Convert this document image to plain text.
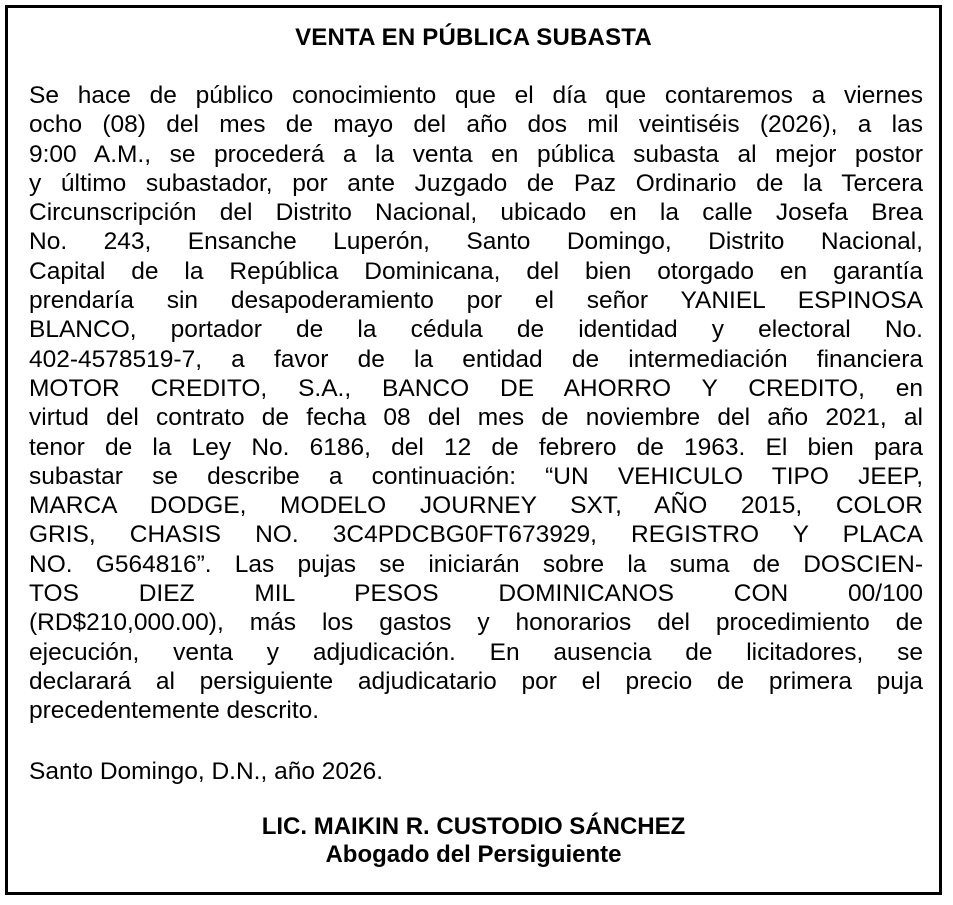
VENTA EN PÚBLICA SUBASTA

Se hace de público conocimiento que el día que contaremos a viernes
ocho (08) del mes de mayo del año dos mil veintiséis (2026), a las
9:00 A.M., se procederá a la venta en pública subasta al mejor postor
y último subastador, por ante Juzgado de Paz Ordinario de la Tercera
Circunscripción del Distrito Nacional, ubicado en la calle Josefa Brea
No. 243, Ensanche Luperón, Santo Domingo, Distrito Nacional,
Capital de la República Dominicana, del bien otorgado en garantía
prendaría sin desapoderamiento por el señor YANIEL ESPINOSA
BLANCO, portador de la cédula de identidad y electoral No.
402-4578519-7, a favor de la entidad de intermediación financiera
MOTOR CREDITO, S.A., BANCO DE AHORRO Y CREDITO, en
virtud del contrato de fecha 08 del mes de noviembre del año 2021, al
tenor de la Ley No. 6186, del 12 de febrero de 1963. El bien para
subastar se describe a continuación: “UN VEHICULO TIPO JEEP,
MARCA DODGE, MODELO JOURNEY SXT, AÑO 2015, COLOR
GRIS, CHASIS NO. 3C4PDCBG0FT673929, REGISTRO Y PLACA
NO. G564816”. Las pujas se iniciarán sobre la suma de DOSCIEN-
TOS DIEZ MIL PESOS DOMINICANOS CON 00/100
(RD$210,000.00), más los gastos y honorarios del procedimiento de
ejecución, venta y adjudicación. En ausencia de licitadores, se
declarará al persiguiente adjudicatario por el precio de primera puja
precedentemente descrito.

Santo Domingo, D.N., año 2026.

LIC. MAIKIN R. CUSTODIO SÁNCHEZ
Abogado del Persiguiente
